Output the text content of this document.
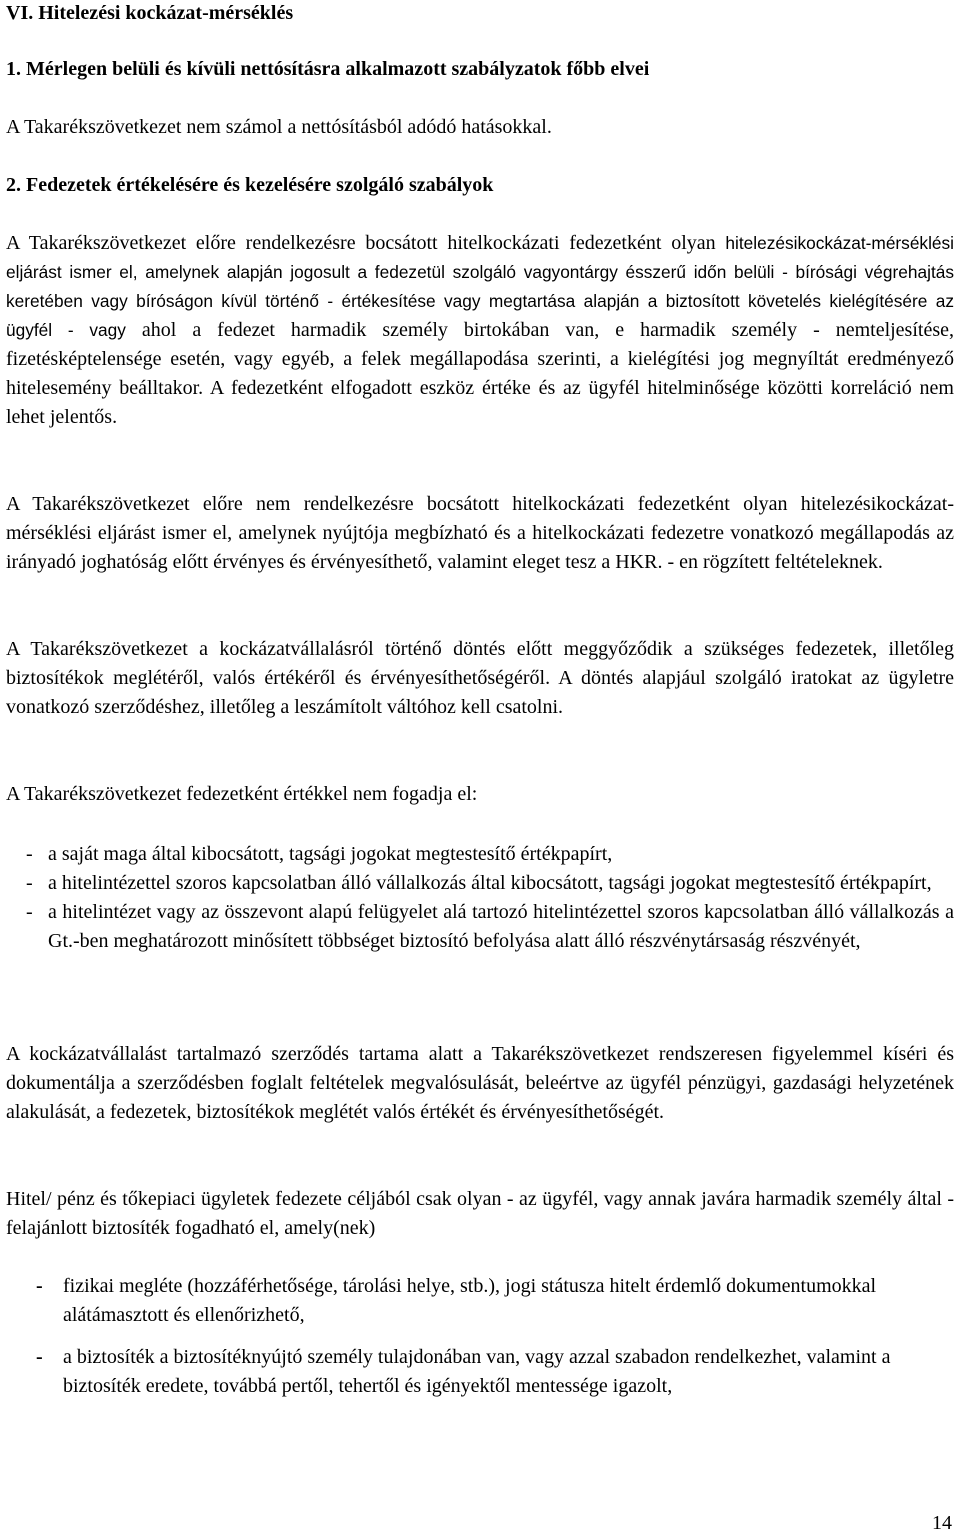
VI. Hitelezési kockázat-mérséklés
1. Mérlegen belüli és kívüli nettósításra alkalmazott szabályzatok főbb elvei
A Takarékszövetkezet nem számol a nettósításból adódó hatásokkal.
2. Fedezetek értékelésére és kezelésére szolgáló szabályok
A Takarékszövetkezet előre rendelkezésre bocsátott hitelkockázati fedezetként olyan hitelezésikockázat-mérséklési eljárást ismer el, amelynek alapján jogosult a fedezetül szolgáló vagyontárgy ésszerű időn belüli - bírósági végrehajtás keretében vagy bíróságon kívül történő - értékesítése vagy megtartása alapján a biztosított követelés kielégítésére az ügyfél - vagy ahol a fedezet harmadik személy birtokában van, e harmadik személy - nemteljesítése, fizetésképtelensége esetén, vagy egyéb, a felek megállapodása szerinti, a kielégítési jog megnyíltát eredményező hitelesemény beálltakor. A fedezetként elfogadott eszköz értéke és az ügyfél hitelminősége közötti korreláció nem lehet jelentős.
A Takarékszövetkezet előre nem rendelkezésre bocsátott hitelkockázati fedezetként olyan hitelezésikockázat-mérséklési eljárást ismer el, amelynek nyújtója megbízható és a hitelkockázati fedezetre vonatkozó megállapodás az irányadó joghatóság előtt érvényes és érvényesíthető, valamint eleget tesz a HKR. - en rögzített feltételeknek.
A Takarékszövetkezet a kockázatvállalásról történő döntés előtt meggyőződik a szükséges fedezetek, illetőleg biztosítékok meglétéről, valós értékéről és érvényesíthetőségéről. A döntés alapjául szolgáló iratokat az ügyletre vonatkozó szerződéshez, illetőleg a leszámítolt váltóhoz kell csatolni.
A Takarékszövetkezet fedezetként értékkel nem fogadja el:
- a saját maga által kibocsátott, tagsági jogokat megtestesítő értékpapírt,
- a hitelintézettel szoros kapcsolatban álló vállalkozás által kibocsátott, tagsági jogokat megtestesítő értékpapírt,
- a hitelintézet vagy az összevont alapú felügyelet alá tartozó hitelintézettel szoros kapcsolatban álló vállalkozás a Gt.-ben meghatározott minősített többséget biztosító befolyása alatt álló részvénytársaság részvényét,
A kockázatvállalást tartalmazó szerződés tartama alatt a Takarékszövetkezet rendszeresen figyelemmel kíséri és dokumentálja a szerződésben foglalt feltételek megvalósulását, beleértve az ügyfél pénzügyi, gazdasági helyzetének alakulását, a fedezetek, biztosítékok meglétét valós értékét és érvényesíthetőségét.
Hitel/ pénz és tőkepiaci ügyletek fedezete céljából csak olyan - az ügyfél, vagy annak javára harmadik személy által - felajánlott biztosíték fogadható el, amely(nek)
- fizikai megléte (hozzáférhetősége, tárolási helye, stb.), jogi státusza hitelt érdemlő dokumentumokkal alátámasztott és ellenőrizhető,
- a biztosíték a biztosítéknyújtó személy tulajdonában van, vagy azzal szabadon rendelkezhet, valamint a biztosíték eredete, továbbá pertől, tehertől és igényektől mentessége igazolt,
14
